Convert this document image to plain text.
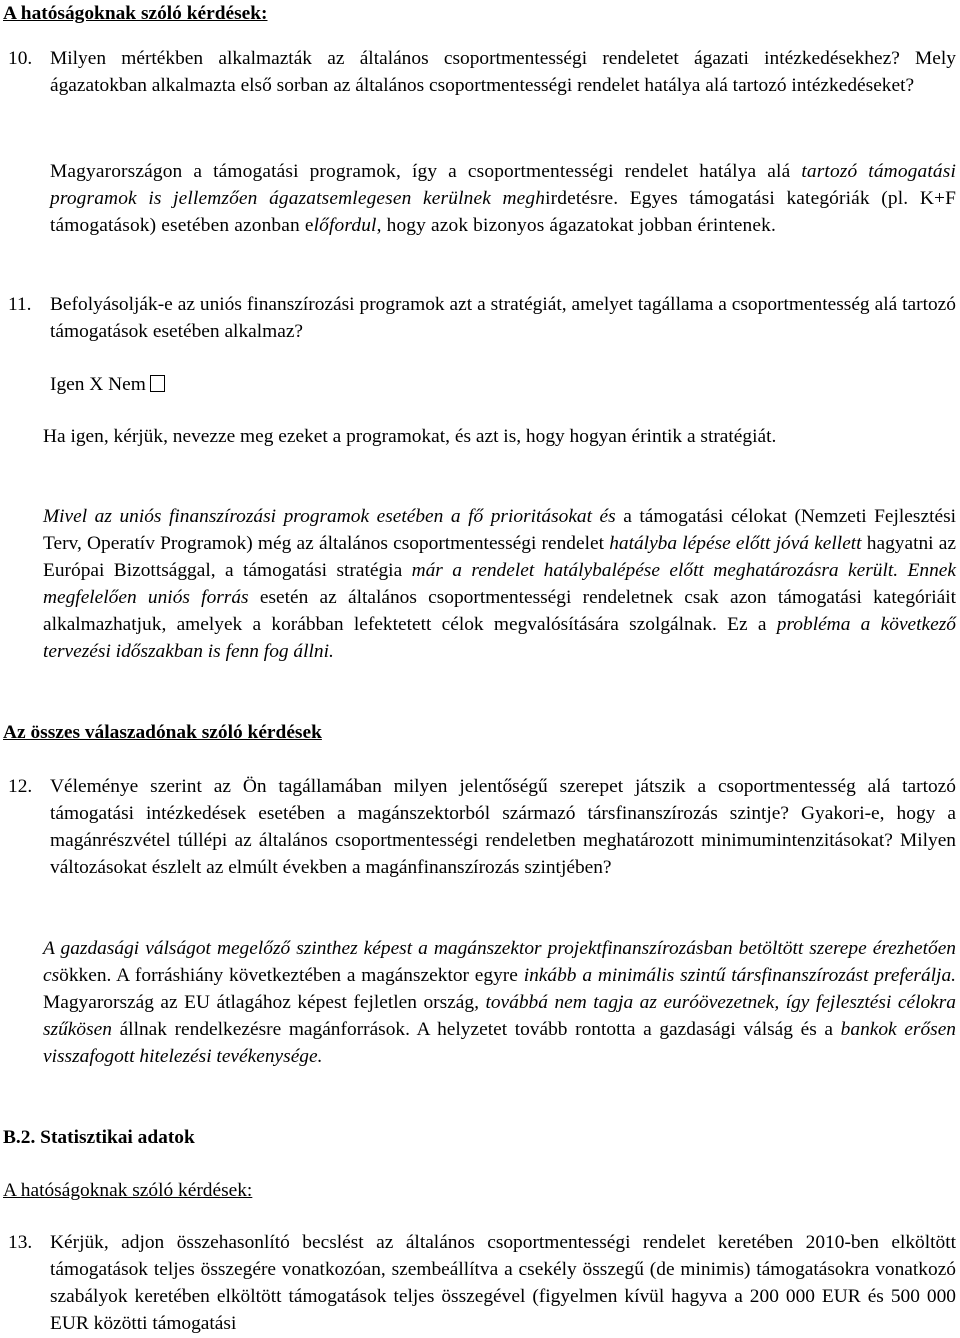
A hatóságoknak szóló kérdések:
10. Milyen mértékben alkalmazták az általános csoportmentességi rendeletet ágazati intézkedésekhez? Mely ágazatokban alkalmazta első sorban az általános csoportmentességi rendelet hatálya alá tartozó intézkedéseket?
Magyarországon a támogatási programok, így a csoportmentességi rendelet hatálya alá tartozó támogatási programok is jellemzően ágazatsemlegesen kerülnek meghirdetésre. Egyes támogatási kategóriák (pl. K+F támogatások) esetében azonban előfordul, hogy azok bizonyos ágazatokat jobban érintenek.
11. Befolyásolják-e az uniós finanszírozási programok azt a stratégiát, amelyet tagállama a csoportmentesség alá tartozó támogatások esetében alkalmaz?
Igen X Nem
Ha igen, kérjük, nevezze meg ezeket a programokat, és azt is, hogy hogyan érintik a stratégiát.
Mivel az uniós finanszírozási programok esetében a fő prioritásokat és a támogatási célokat (Nemzeti Fejlesztési Terv, Operatív Programok) még az általános csoportmentességi rendelet hatályba lépése előtt jóvá kellett hagyatni az Európai Bizottsággal, a támogatási stratégia már a rendelet hatálybalépése előtt meghatározásra került. Ennek megfelelően uniós forrás esetén az általános csoportmentességi rendeletnek csak azon támogatási kategóriáit alkalmazhatjuk, amelyek a korábban lefektetett célok megvalósítására szolgálnak. Ez a probléma a következő tervezési időszakban is fenn fog állni.
Az összes válaszadónak szóló kérdések
12. Véleménye szerint az Ön tagállamában milyen jelentőségű szerepet játszik a csoportmentesség alá tartozó támogatási intézkedések esetében a magánszektorból származó társfinanszírozás szintje? Gyakori-e, hogy a magánrészvétel túllépi az általános csoportmentességi rendeletben meghatározott minimumintenzitásokat? Milyen változásokat észlelt az elmúlt években a magánfinanszírozás szintjében?
A gazdasági válságot megelőző szinthez képest a magánszektor projektfinanszírozásban betöltött szerepe érezhetően csökken. A forráshiány következtében a magánszektor egyre inkább a minimális szintű társfinanszírozást preferálja. Magyarország az EU átlagához képest fejletlen ország, továbbá nem tagja az euróövezetnek, így fejlesztési célokra szűkösen állnak rendelkezésre magánforrások. A helyzetet tovább rontotta a gazdasági válság és a bankok erősen visszafogott hitelezési tevékenysége.
B.2. Statisztikai adatok
A hatóságoknak szóló kérdések:
13. Kérjük, adjon összehasonlító becslést az általános csoportmentességi rendelet keretében 2010-ben elköltött támogatások teljes összegére vonatkozóan, szembeállítva a csekély összegű (de minimis) támogatásokra vonatkozó szabályok keretében elköltött támogatások teljes összegével (figyelmen kívül hagyva a 200 000 EUR és 500 000 EUR közötti támogatási
